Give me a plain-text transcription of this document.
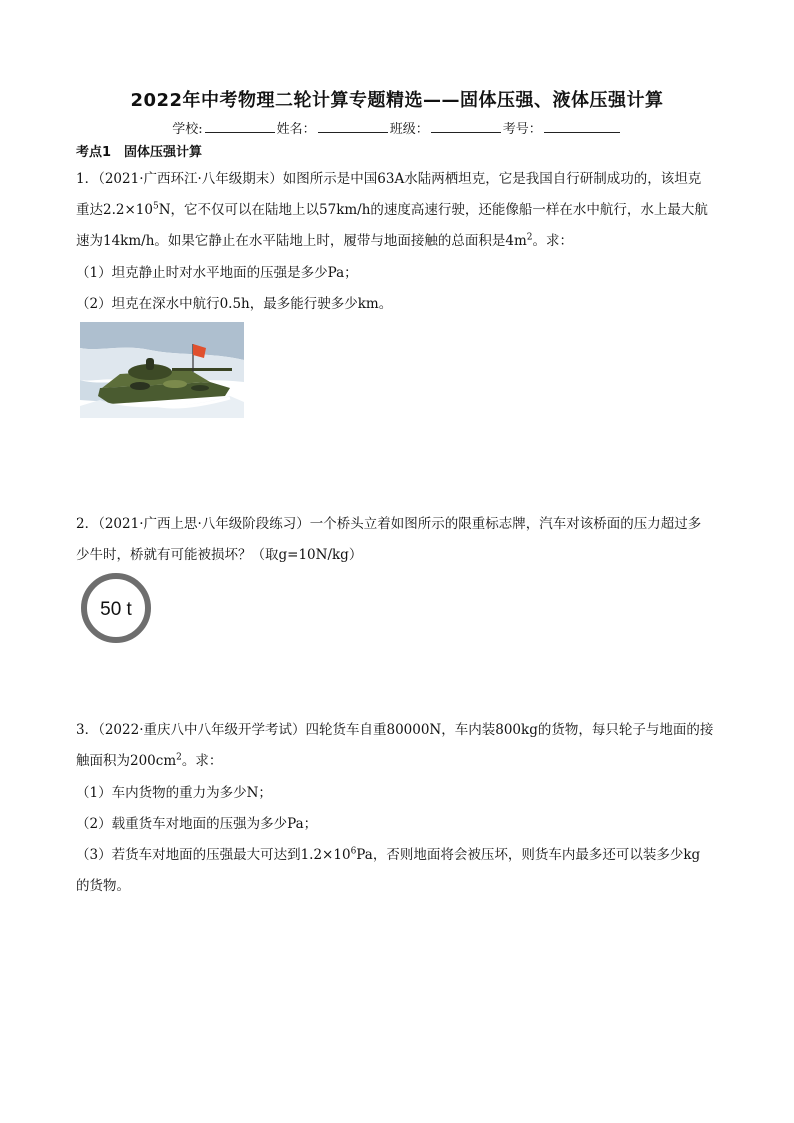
2022年中考物理二轮计算专题精选——固体压强、液体压强计算
学校:	姓名：	班级：	考号：
考点1　固体压强计算
1．（2021·广西环江·八年级期末）如图所示是中国63A水陆两栖坦克，它是我国自行研制成功的，该坦克
重达$2.2\times 10^5N$，它不仅可以在陆地上以57km/h的速度高速行驶，还能像船一样在水中航行，水上最大航
速为14km/h。如果它静止在水平陆地上时，履带与地面接触的总面积是$4m^2$。求：
（1）坦克静止时对水平地面的压强是多少Pa；
（2）坦克在深水中航行0.5h，最多能行驶多少km。
2．（2021·广西上思·八年级阶段练习）一个桥头立着如图所示的限重标志牌，汽车对该桥面的压力超过多
少牛时，桥就有可能被损坏？（取g=10N/kg）
50 t
3．（2022·重庆八中八年级开学考试）四轮货车自重80000N，车内装800kg的货物，每只轮子与地面的接
触面积为$200cm^2$。求：
（1）车内货物的重力为多少N；
（2）载重货车对地面的压强为多少Pa；
（3）若货车对地面的压强最大可达到$1.2\times 10^6Pa$，否则地面将会被压坏，则货车内最多还可以装多少kg
的货物。
